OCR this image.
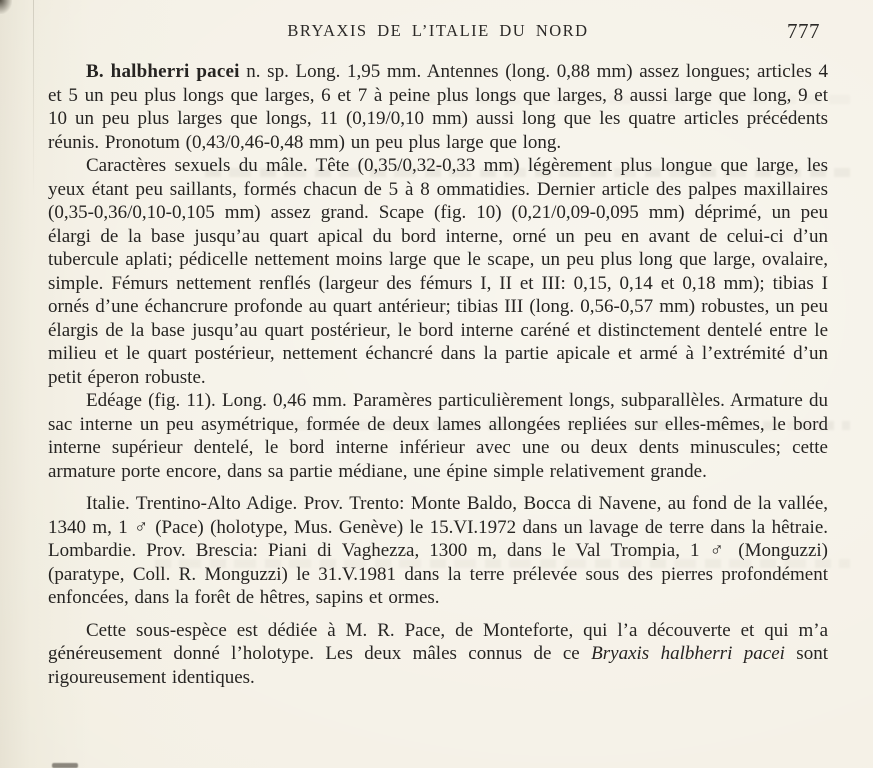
BRYAXIS DE L’ITALIE DU NORD	777

B. halbherri pacei n. sp. Long. 1,95 mm. Antennes (long. 0,88 mm) assez longues; articles 4 et 5 un peu plus longs que larges, 6 et 7 à peine plus longs que larges, 8 aussi large que long, 9 et 10 un peu plus larges que longs, 11 (0,19/0,10 mm) aussi long que les quatre articles précédents réunis. Pronotum (0,43/0,46-0,48 mm) un peu plus large que long.

Caractères sexuels du mâle. Tête (0,35/0,32-0,33 mm) légèrement plus longue que large, les yeux étant peu saillants, formés chacun de 5 à 8 ommatidies. Dernier article des palpes maxillaires (0,35-0,36/0,10-0,105 mm) assez grand. Scape (fig. 10) (0,21/0,09-0,095 mm) déprimé, un peu élargi de la base jusqu’au quart apical du bord interne, orné un peu en avant de celui-ci d’un tubercule aplati; pédicelle nettement moins large que le scape, un peu plus long que large, ovalaire, simple. Fémurs nettement renflés (largeur des fémurs I, II et III: 0,15, 0,14 et 0,18 mm); tibias I ornés d’une échancrure profonde au quart antérieur; tibias III (long. 0,56-0,57 mm) robustes, un peu élargis de la base jusqu’au quart postérieur, le bord interne caréné et distinctement dentelé entre le milieu et le quart postérieur, nettement échancré dans la partie apicale et armé à l’extrémité d’un petit éperon robuste.

Edéage (fig. 11). Long. 0,46 mm. Paramères particulièrement longs, subparallèles. Armature du sac interne un peu asymétrique, formée de deux lames allongées repliées sur elles-mêmes, le bord interne supérieur dentelé, le bord interne inférieur avec une ou deux dents minuscules; cette armature porte encore, dans sa partie médiane, une épine simple relativement grande.

Italie. Trentino-Alto Adige. Prov. Trento: Monte Baldo, Bocca di Navene, au fond de la vallée, 1340 m, 1 ♂ (Pace) (holotype, Mus. Genève) le 15.VI.1972 dans un lavage de terre dans la hêtraie. Lombardie. Prov. Brescia: Piani di Vaghezza, 1300 m, dans le Val Trompia, 1 ♂ (Monguzzi) (paratype, Coll. R. Monguzzi) le 31.V.1981 dans la terre prélevée sous des pierres profondément enfoncées, dans la forêt de hêtres, sapins et ormes.

Cette sous-espèce est dédiée à M. R. Pace, de Monteforte, qui l’a découverte et qui m’a généreusement donné l’holotype. Les deux mâles connus de ce Bryaxis halbherri pacei sont rigoureusement identiques.
